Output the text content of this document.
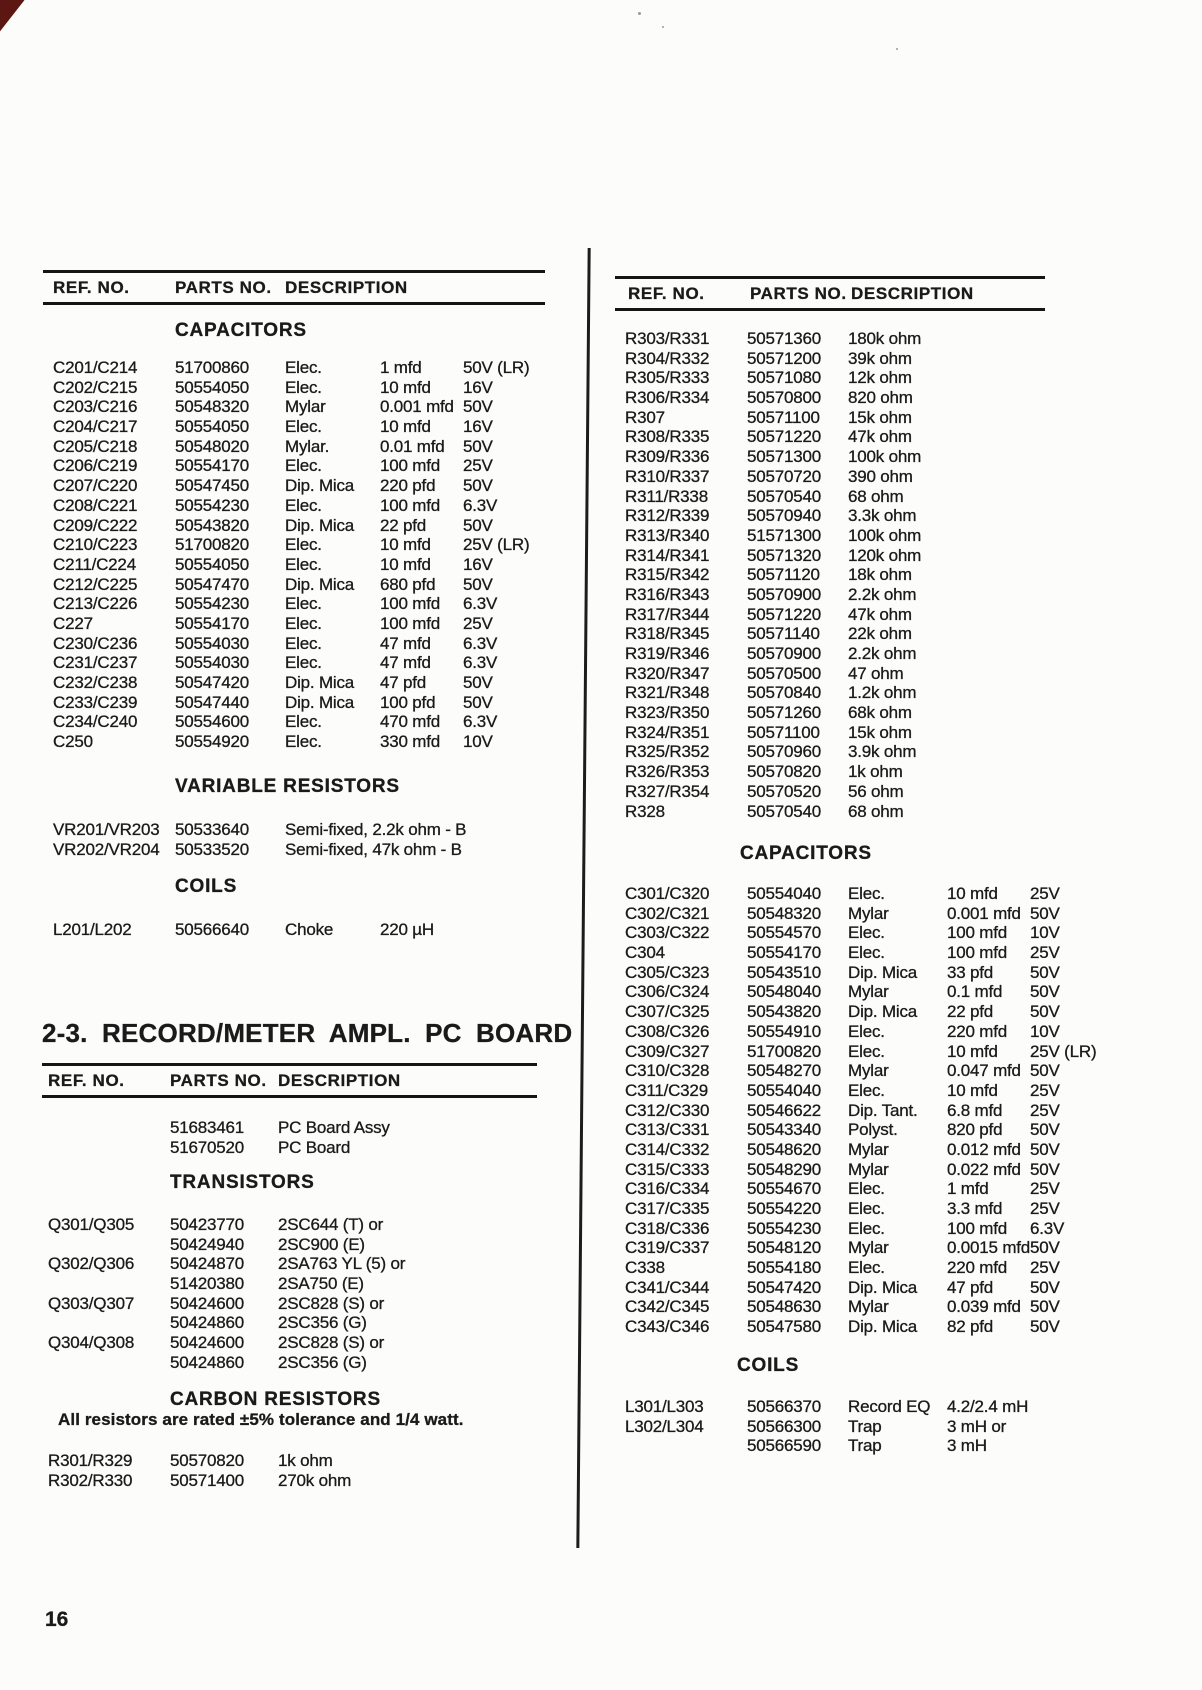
REF. NO.	PARTS NO. DESCRIPTION
CAPACITORS
C201/C214	51700860	Elec.	1 mfd	50V (LR)
C202/C215	50554050	Elec.	10 mfd	16V
C203/C216	50548320	Mylar	0.001 mfd 50V
C204/C217	50554050	Elec.	10 mfd	16V
C205/C218	50548020	Mylar.	0.01 mfd	50V
C206/C219	50554170	Elec.	100 mfd	25V
C207/C220	50547450	Dip. Mica	220 pfd	50V
C208/C221	50554230	Elec.	100 mfd	6.3V
C209/C222	50543820	Dip. Mica	22 pfd	50V
C210/C223	51700820	Elec.	10 mfd	25V (LR)
C211/C224	50554050	Elec.	10 mfd	16V
C212/C225	50547470	Dip. Mica	680 pfd	50V
C213/C226	50554230	Elec.	100 mfd	6.3V
C227	50554170	Elec.	100 mfd	25V
C230/C236	50554030	Elec.	47 mfd	6.3V
C231/C237	50554030	Elec.	47 mfd	6.3V
C232/C238	50547420	Dip. Mica	47 pfd	50V
C233/C239	50547440	Dip. Mica	100 pfd	50V
C234/C240	50554600	Elec.	470 mfd	6.3V
C250	50554920	Elec.	330 mfd	10V
VARIABLE RESISTORS
VR201/VR203 50533640	Semi-fixed, 2.2k ohm - B
VR202/VR204 50533520	Semi-fixed, 47k ohm - B
COILS
L201/L202	50566640	Choke	220 µH
2-3. RECORD/METER AMPL. PC BOARD
REF. NO.	PARTS NO. DESCRIPTION
51683461	PC Board Assy
51670520	PC Board
TRANSISTORS
Q301/Q305	50423770	2SC644 (T) or
50424940	2SC900 (E)
Q302/Q306	50424870	2SA763 YL (5) or
51420380	2SA750 (E)
Q303/Q307	50424600	2SC828 (S) or
50424860	2SC356 (G)
Q304/Q308	50424600	2SC828 (S) or
50424860	2SC356 (G)
CARBON RESISTORS
All resistors are rated ±5% tolerance and 1/4 watt.
R301/R329	50570820	1k ohm
R302/R330	50571400	270k ohm
REF. NO.	PARTS NO. DESCRIPTION
R303/R331	50571360	180k ohm
R304/R332	50571200	39k ohm
R305/R333	50571080	12k ohm
R306/R334	50570800	820 ohm
R307	50571100	15k ohm
R308/R335	50571220	47k ohm
R309/R336	50571300	100k ohm
R310/R337	50570720	390 ohm
R311/R338	50570540	68 ohm
R312/R339	50570940	3.3k ohm
R313/R340	51571300	100k ohm
R314/R341	50571320	120k ohm
R315/R342	50571120	18k ohm
R316/R343	50570900	2.2k ohm
R317/R344	50571220	47k ohm
R318/R345	50571140	22k ohm
R319/R346	50570900	2.2k ohm
R320/R347	50570500	47 ohm
R321/R348	50570840	1.2k ohm
R323/R350	50571260	68k ohm
R324/R351	50571100	15k ohm
R325/R352	50570960	3.9k ohm
R326/R353	50570820	1k ohm
R327/R354	50570520	56 ohm
R328	50570540	68 ohm
CAPACITORS
C301/C320	50554040	Elec.	10 mfd	25V
C302/C321	50548320	Mylar	0.001 mfd 50V
C303/C322	50554570	Elec.	100 mfd	10V
C304	50554170	Elec.	100 mfd	25V
C305/C323	50543510	Dip. Mica	33 pfd	50V
C306/C324	50548040	Mylar	0.1 mfd	50V
C307/C325	50543820	Dip. Mica	22 pfd	50V
C308/C326	50554910	Elec.	220 mfd	10V
C309/C327	51700820	Elec.	10 mfd	25V (LR)
C310/C328	50548270	Mylar	0.047 mfd 50V
C311/C329	50554040	Elec.	10 mfd	25V
C312/C330	50546622	Dip. Tant.	6.8 mfd	25V
C313/C331	50543340	Polyst.	820 pfd	50V
C314/C332	50548620	Mylar	0.012 mfd 50V
C315/C333	50548290	Mylar	0.022 mfd 50V
C316/C334	50554670	Elec.	1 mfd	25V
C317/C335	50554220	Elec.	3.3 mfd	25V
C318/C336	50554230	Elec.	100 mfd	6.3V
C319/C337	50548120	Mylar	0.0015 mfd 50V
C338	50554180	Elec.	220 mfd	25V
C341/C344	50547420	Dip. Mica	47 pfd	50V
C342/C345	50548630	Mylar	0.039 mfd 50V
C343/C346	50547580	Dip. Mica	82 pfd	50V
COILS
L301/L303	50566370	Record EQ 4.2/2.4 mH
L302/L304	50566300	Trap	3 mH or
50566590	Trap	3 mH
16
